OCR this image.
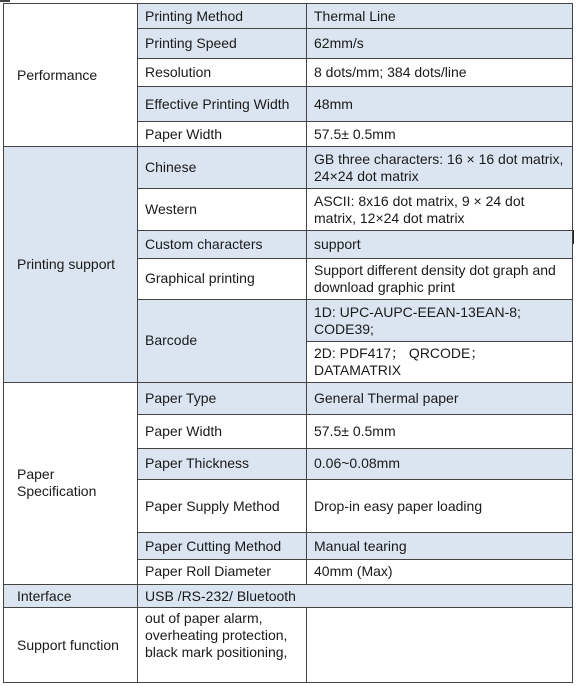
Performance	Printing Method	Thermal Line
	Printing Speed	62mm/s
	Resolution	8 dots/mm; 384 dots/line
	Effective Printing Width	48mm
	Paper Width	57.5± 0.5mm
Printing support	Chinese	GB three characters: 16 × 16 dot matrix, 24×24 dot matrix
	Western	ASCII: 8x16 dot matrix, 9 × 24 dot matrix, 12×24 dot matrix
	Custom characters	support
	Graphical printing	Support different density dot graph and download graphic print
	Barcode	1D: UPC-AUPC-EEAN-13EAN-8; CODE39;
		2D: PDF417； QRCODE； DATAMATRIX
Paper Specification	Paper Type	General Thermal paper
	Paper Width	57.5± 0.5mm
	Paper Thickness	0.06~0.08mm
	Paper Supply Method	Drop-in easy paper loading
	Paper Cutting Method	Manual tearing
	Paper Roll Diameter	40mm (Max)
Interface	USB /RS-232/ Bluetooth	
Support function	out of paper alarm, overheating protection, black mark positioning,	
